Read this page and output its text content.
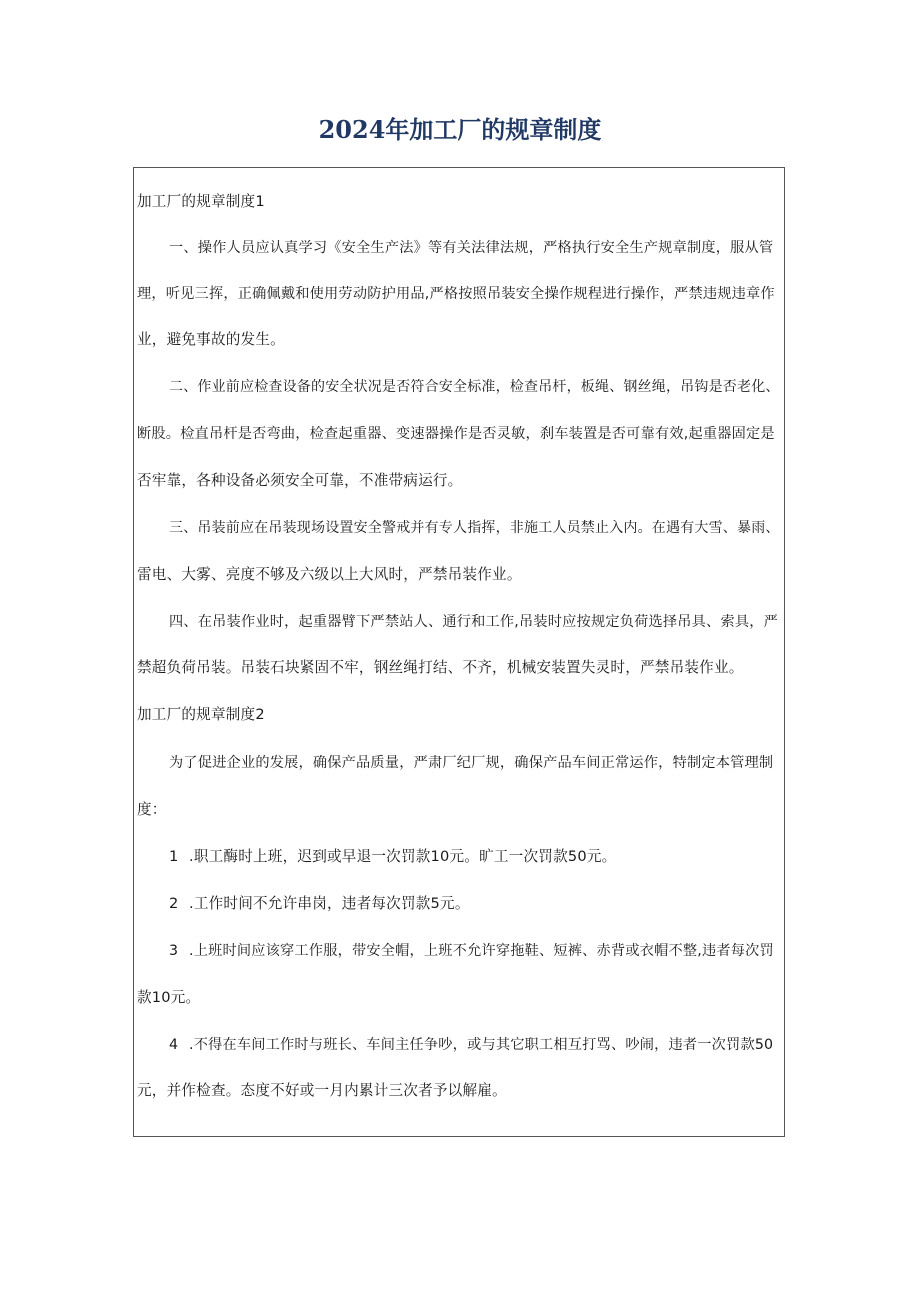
2024年加工厂的规章制度

加工厂的规章制度1

一、操作人员应认真学习《安全生产法》等有关法律法规，严格执行安全生产规章制度，服从管

理，听见三挥，正确佩戴和使用劳动防护用品,严格按照吊装安全操作规程进行操作，严禁违规违章作

业，避免事故的发生。

二、作业前应检查设备的安全状况是否符合安全标准，检查吊杆，板绳、钢丝绳，吊钩是否老化、

断股。检直吊杆是否弯曲，检查起重器、变速器操作是否灵敏，刹车装置是否可靠有效,起重器固定是

否牢靠，各种设备必须安全可靠，不准带病运行。

三、吊装前应在吊装现场设置安全警戒并有专人指挥，非施工人员禁止入内。在遇有大雪、暴雨、

雷电、大雾、亮度不够及六级以上大风时，严禁吊装作业。

四、在吊装作业时，起重器臂下严禁站人、通行和工作,吊装时应按规定负荷选择吊具、索具，严

禁超负荷吊装。吊装石块紧固不牢，钢丝绳打结、不齐，机械安装置失灵时，严禁吊装作业。

加工厂的规章制度2

为了促进企业的发展，确保产品质量，严肃厂纪厂规，确保产品车间正常运作，特制定本管理制

度：

1 .职工酶时上班，迟到或早退一次罚款10元。旷工一次罚款50元。

2 .工作时间不允许串岗，违者每次罚款5元。

3 .上班时间应该穿工作服，带安全帽，上班不允许穿拖鞋、短裤、赤背或衣帽不整,违者每次罚

款10元。

4 .不得在车间工作时与班长、车间主任争吵，或与其它职工相互打骂、吵闹，违者一次罚款50

元，并作检查。态度不好或一月内累计三次者予以解雇。
